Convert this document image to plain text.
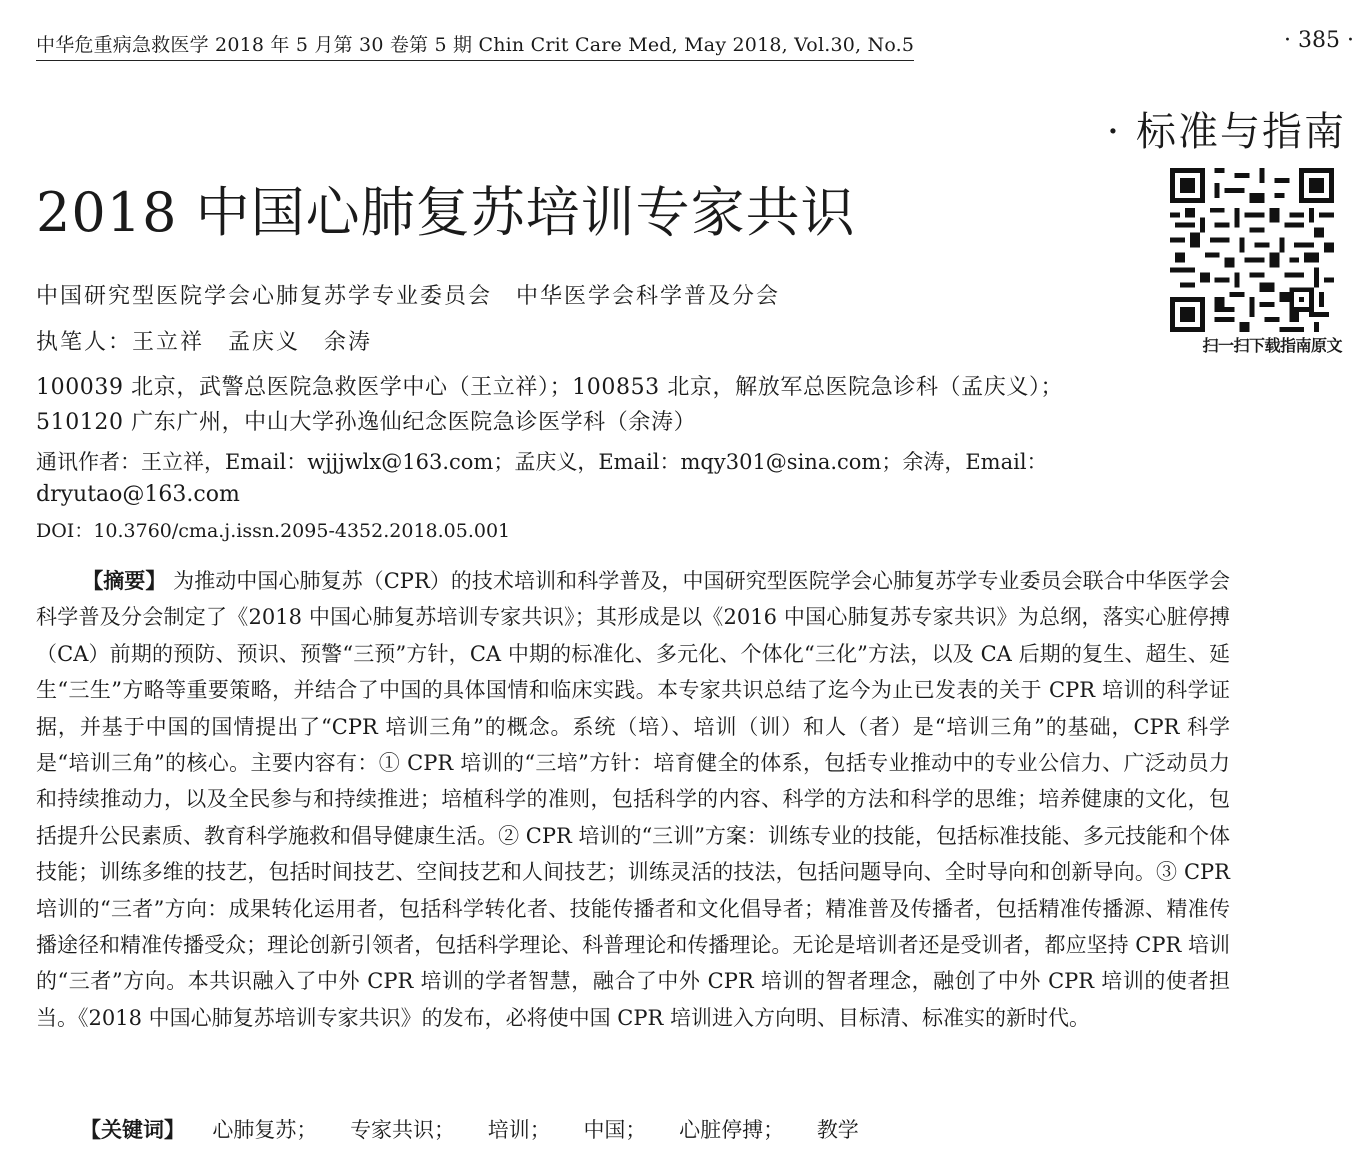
中华危重病急救医学 2018 年 5 月第 30 卷第 5 期 Chin Crit Care Med, May 2018, Vol.30, No.5	· 385 ·
· 标准与指南
扫一扫下载指南原文
2018 中国心肺复苏培训专家共识
中国研究型医院学会心肺复苏学专业委员会　中华医学会科学普及分会
执笔人：王立祥　孟庆义　余涛
100039 北京，武警总医院急救医学中心（王立祥）；100853 北京，解放军总医院急诊科（孟庆义）；
510120 广东广州，中山大学孙逸仙纪念医院急诊医学科（余涛）
通讯作者：王立祥，Email：wjjjwlx@163.com；孟庆义，Email：mqy301@sina.com；余涛，Email：
dryutao@163.com
DOI：10.3760/cma.j.issn.2095-4352.2018.05.001

【摘要】 为推动中国心肺复苏（CPR）的技术培训和科学普及，中国研究型医院学会心肺复苏学专业委员会联合中华医学会科学普及分会制定了《2018 中国心肺复苏培训专家共识》；其形成是以《2016 中国心肺复苏专家共识》为总纲，落实心脏停搏（CA）前期的预防、预识、预警“三预”方针，CA 中期的标准化、多元化、个体化“三化”方法，以及 CA 后期的复生、超生、延生“三生”方略等重要策略，并结合了中国的具体国情和临床实践。本专家共识总结了迄今为止已发表的关于 CPR 培训的科学证据，并基于中国的国情提出了“CPR 培训三角”的概念。系统（培）、培训（训）和人（者）是“培训三角”的基础，CPR 科学是“培训三角”的核心。主要内容有：① CPR 培训的“三培”方针：培育健全的体系，包括专业推动中的专业公信力、广泛动员力和持续推动力，以及全民参与和持续推进；培植科学的准则，包括科学的内容、科学的方法和科学的思维；培养健康的文化，包括提升公民素质、教育科学施救和倡导健康生活。② CPR 培训的“三训”方案：训练专业的技能，包括标准技能、多元技能和个体技能；训练多维的技艺，包括时间技艺、空间技艺和人间技艺；训练灵活的技法，包括问题导向、全时导向和创新导向。③ CPR 培训的“三者”方向：成果转化运用者，包括科学转化者、技能传播者和文化倡导者；精准普及传播者，包括精准传播源、精准传播途径和精准传播受众；理论创新引领者，包括科学理论、科普理论和传播理论。无论是培训者还是受训者，都应坚持 CPR 培训的“三者”方向。本共识融入了中外 CPR 培训的学者智慧，融合了中外 CPR 培训的智者理念，融创了中外 CPR 培训的使者担当。《2018 中国心肺复苏培训专家共识》的发布，必将使中国 CPR 培训进入方向明、目标清、标准实的新时代。

【关键词】 心肺复苏； 专家共识； 培训； 中国； 心脏停搏； 教学
